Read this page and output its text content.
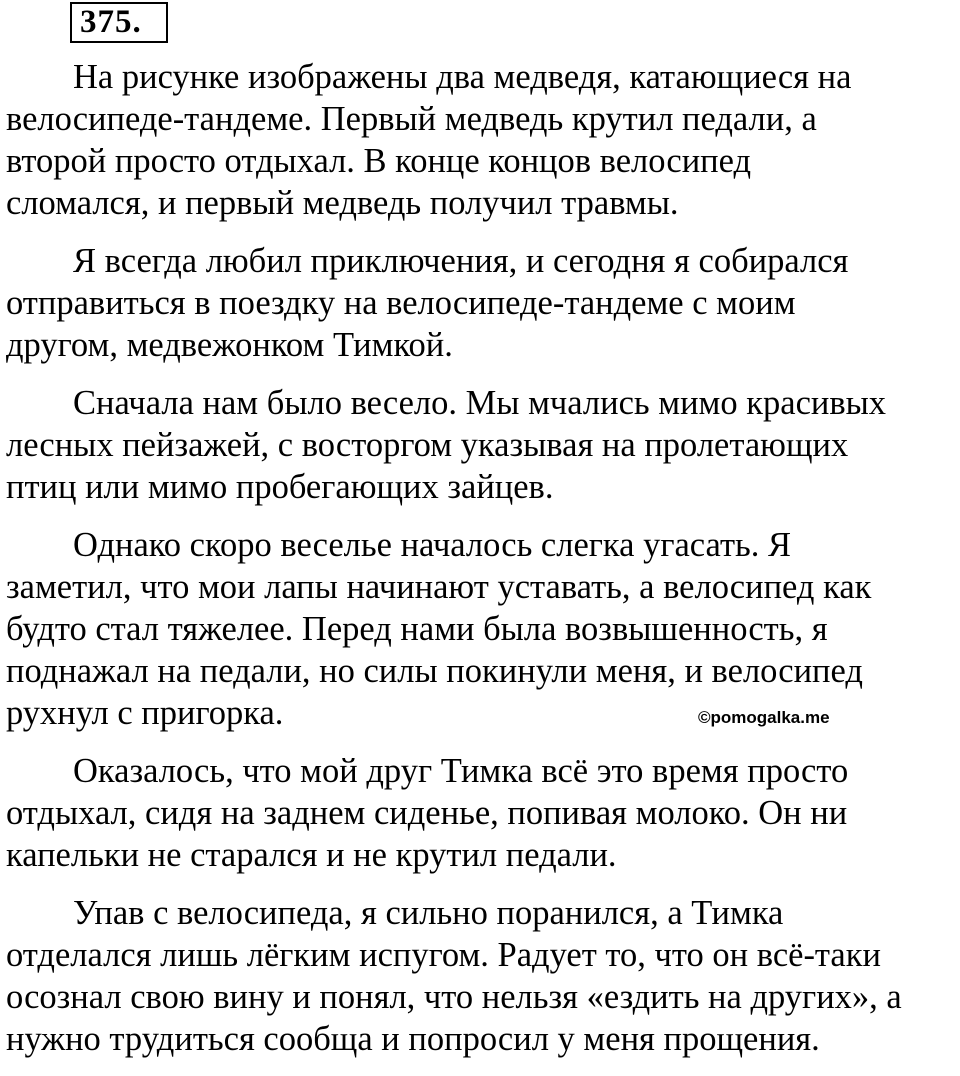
375.

На рисунке изображены два медведя, катающиеся на
велосипеде-тандеме. Первый медведь крутил педали, а
второй просто отдыхал. В конце концов велосипед
сломался, и первый медведь получил травмы.

Я всегда любил приключения, и сегодня я собирался
отправиться в поездку на велосипеде-тандеме с моим
другом, медвежонком Тимкой.

Сначала нам было весело. Мы мчались мимо красивых
лесных пейзажей, с восторгом указывая на пролетающих
птиц или мимо пробегающих зайцев.

Однако скоро веселье началось слегка угасать. Я
заметил, что мои лапы начинают уставать, а велосипед как
будто стал тяжелее. Перед нами была возвышенность, я
поднажал на педали, но силы покинули меня, и велосипед
рухнул с пригорка.

Оказалось, что мой друг Тимка всё это время просто
отдыхал, сидя на заднем сиденье, попивая молоко. Он ни
капельки не старался и не крутил педали.

Упав с велосипеда, я сильно поранился, а Тимка
отделался лишь лёгким испугом. Радует то, что он всё-таки
осознал свою вину и понял, что нельзя «ездить на других», а
нужно трудиться сообща и попросил у меня прощения.

©pomogalka.me
